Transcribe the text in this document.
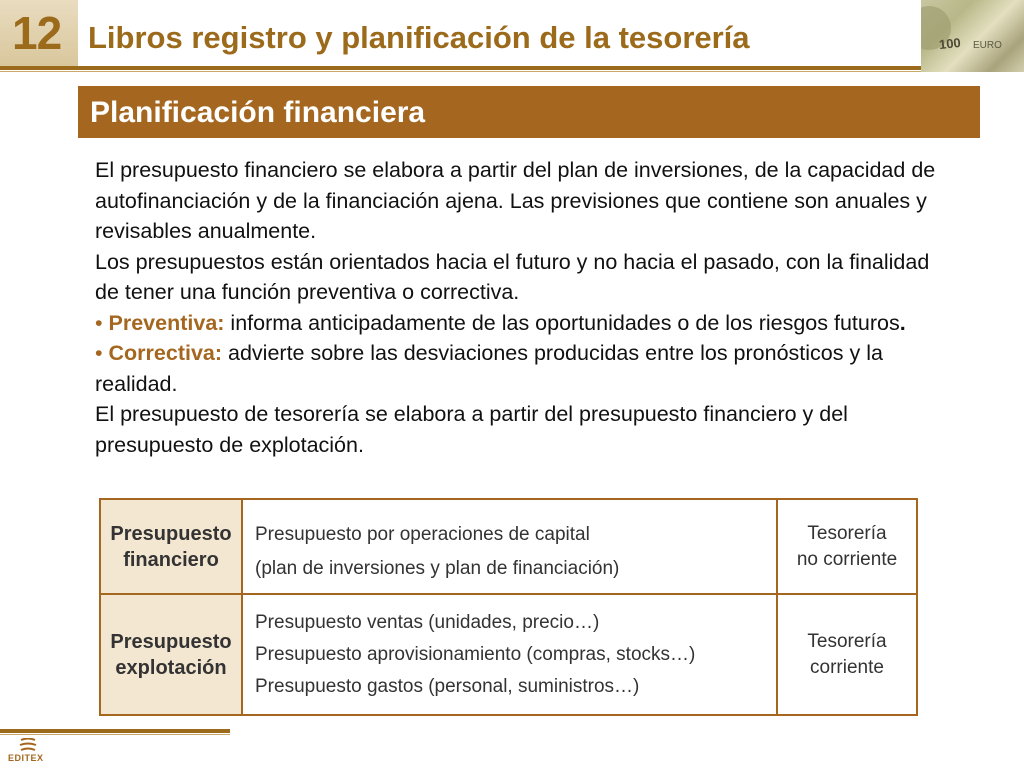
12 Libros registro y planificación de la tesorería	100 EURO
Planificación financiera

El presupuesto financiero se elabora a partir del plan de inversiones, de la capacidad de autofinanciación y de la financiación ajena. Las previsiones que contiene son anuales y revisables anualmente.

Los presupuestos están orientados hacia el futuro y no hacia el pasado, con la finalidad de tener una función preventiva o correctiva.

• Preventiva: informa anticipadamente de las oportunidades o de los riesgos futuros.

• Correctiva: advierte sobre las desviaciones producidas entre los pronósticos y la realidad.

El presupuesto de tesorería se elabora a partir del presupuesto financiero y del presupuesto de explotación.

Presupuesto
financiero
Presupuesto por operaciones de capital
(plan de inversiones y plan de financiación)
Tesorería
no corriente
Presupuesto
explotación
Presupuesto ventas (unidades, precio…)
Presupuesto aprovisionamiento (compras, stocks…)
Presupuesto gastos (personal, suministros…)
Tesorería
corriente
EDITEX
